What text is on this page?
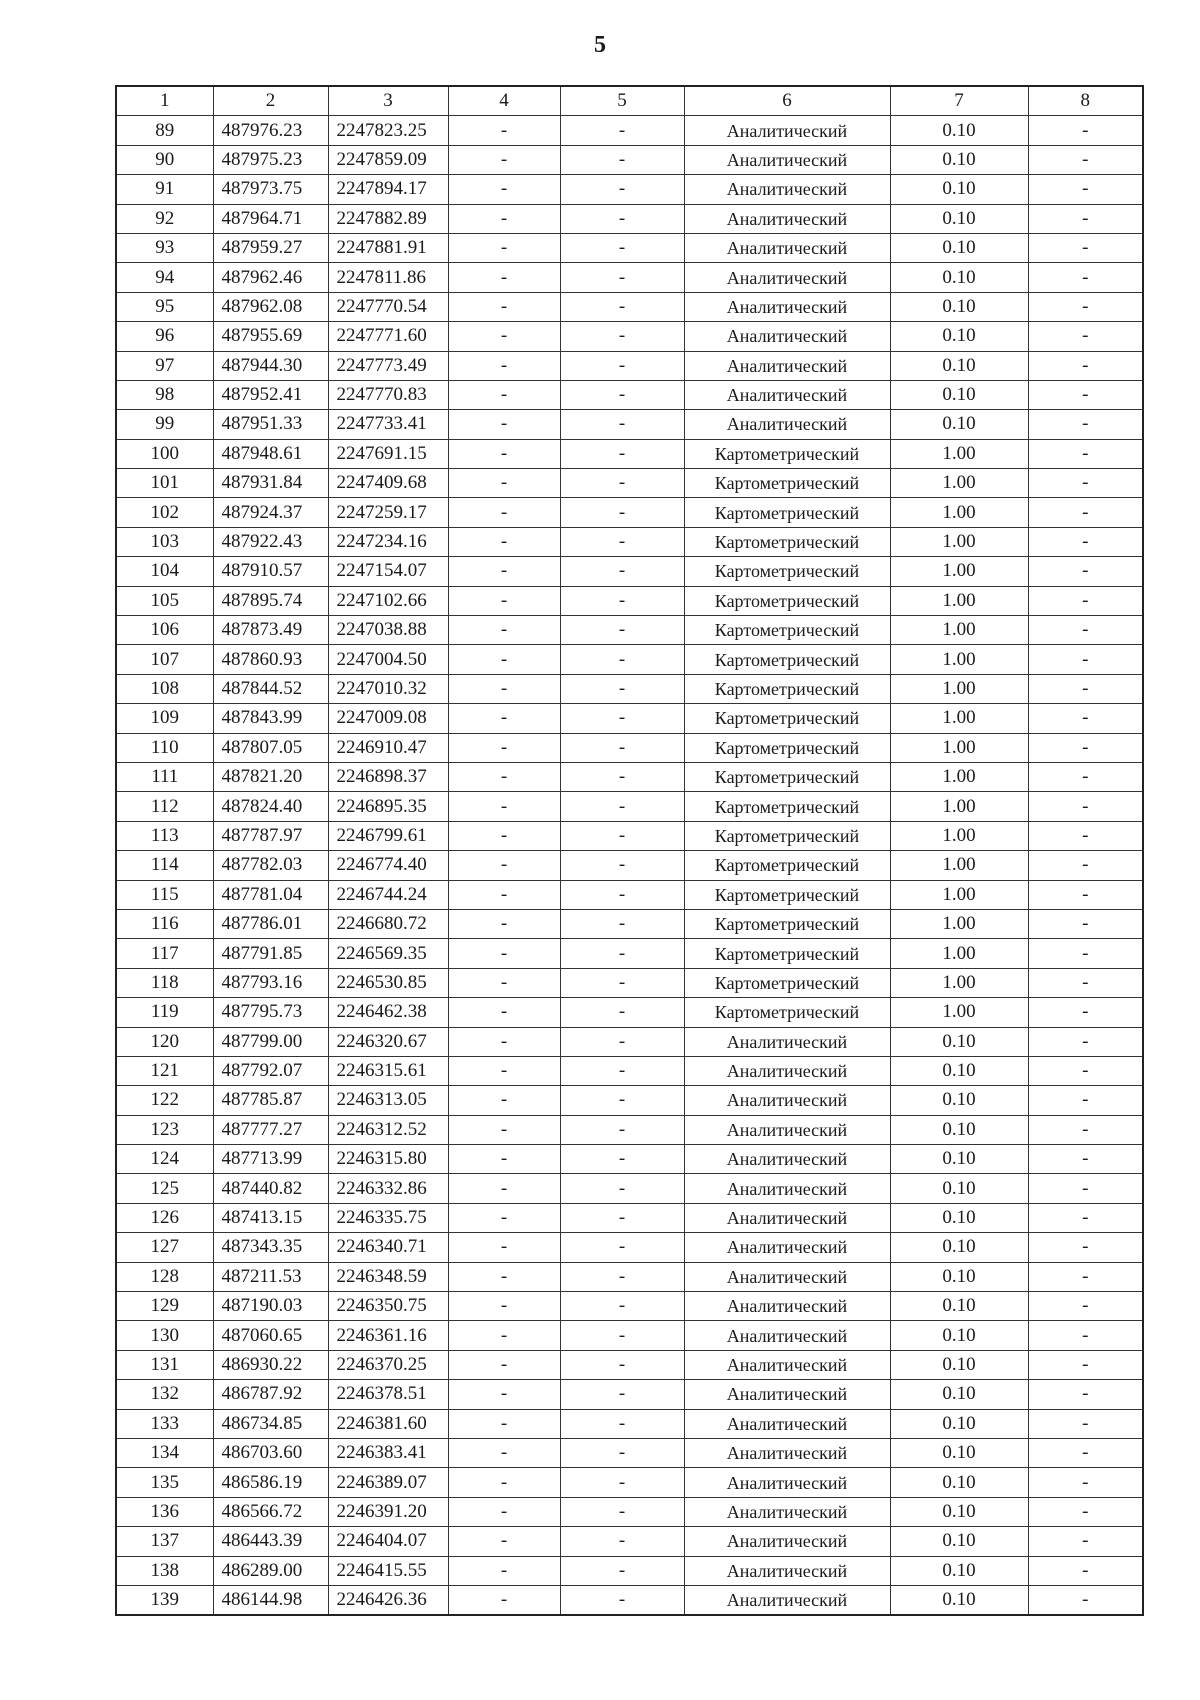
5
1	2	3	4	5	6	7	8
89	487976.23	2247823.25	-	-	Аналитический	0.10	-
90	487975.23	2247859.09	-	-	Аналитический	0.10	-
91	487973.75	2247894.17	-	-	Аналитический	0.10	-
92	487964.71	2247882.89	-	-	Аналитический	0.10	-
93	487959.27	2247881.91	-	-	Аналитический	0.10	-
94	487962.46	2247811.86	-	-	Аналитический	0.10	-
95	487962.08	2247770.54	-	-	Аналитический	0.10	-
96	487955.69	2247771.60	-	-	Аналитический	0.10	-
97	487944.30	2247773.49	-	-	Аналитический	0.10	-
98	487952.41	2247770.83	-	-	Аналитический	0.10	-
99	487951.33	2247733.41	-	-	Аналитический	0.10	-
100	487948.61	2247691.15	-	-	Картометрический	1.00	-
101	487931.84	2247409.68	-	-	Картометрический	1.00	-
102	487924.37	2247259.17	-	-	Картометрический	1.00	-
103	487922.43	2247234.16	-	-	Картометрический	1.00	-
104	487910.57	2247154.07	-	-	Картометрический	1.00	-
105	487895.74	2247102.66	-	-	Картометрический	1.00	-
106	487873.49	2247038.88	-	-	Картометрический	1.00	-
107	487860.93	2247004.50	-	-	Картометрический	1.00	-
108	487844.52	2247010.32	-	-	Картометрический	1.00	-
109	487843.99	2247009.08	-	-	Картометрический	1.00	-
110	487807.05	2246910.47	-	-	Картометрический	1.00	-
111	487821.20	2246898.37	-	-	Картометрический	1.00	-
112	487824.40	2246895.35	-	-	Картометрический	1.00	-
113	487787.97	2246799.61	-	-	Картометрический	1.00	-
114	487782.03	2246774.40	-	-	Картометрический	1.00	-
115	487781.04	2246744.24	-	-	Картометрический	1.00	-
116	487786.01	2246680.72	-	-	Картометрический	1.00	-
117	487791.85	2246569.35	-	-	Картометрический	1.00	-
118	487793.16	2246530.85	-	-	Картометрический	1.00	-
119	487795.73	2246462.38	-	-	Картометрический	1.00	-
120	487799.00	2246320.67	-	-	Аналитический	0.10	-
121	487792.07	2246315.61	-	-	Аналитический	0.10	-
122	487785.87	2246313.05	-	-	Аналитический	0.10	-
123	487777.27	2246312.52	-	-	Аналитический	0.10	-
124	487713.99	2246315.80	-	-	Аналитический	0.10	-
125	487440.82	2246332.86	-	-	Аналитический	0.10	-
126	487413.15	2246335.75	-	-	Аналитический	0.10	-
127	487343.35	2246340.71	-	-	Аналитический	0.10	-
128	487211.53	2246348.59	-	-	Аналитический	0.10	-
129	487190.03	2246350.75	-	-	Аналитический	0.10	-
130	487060.65	2246361.16	-	-	Аналитический	0.10	-
131	486930.22	2246370.25	-	-	Аналитический	0.10	-
132	486787.92	2246378.51	-	-	Аналитический	0.10	-
133	486734.85	2246381.60	-	-	Аналитический	0.10	-
134	486703.60	2246383.41	-	-	Аналитический	0.10	-
135	486586.19	2246389.07	-	-	Аналитический	0.10	-
136	486566.72	2246391.20	-	-	Аналитический	0.10	-
137	486443.39	2246404.07	-	-	Аналитический	0.10	-
138	486289.00	2246415.55	-	-	Аналитический	0.10	-
139	486144.98	2246426.36	-	-	Аналитический	0.10	-
